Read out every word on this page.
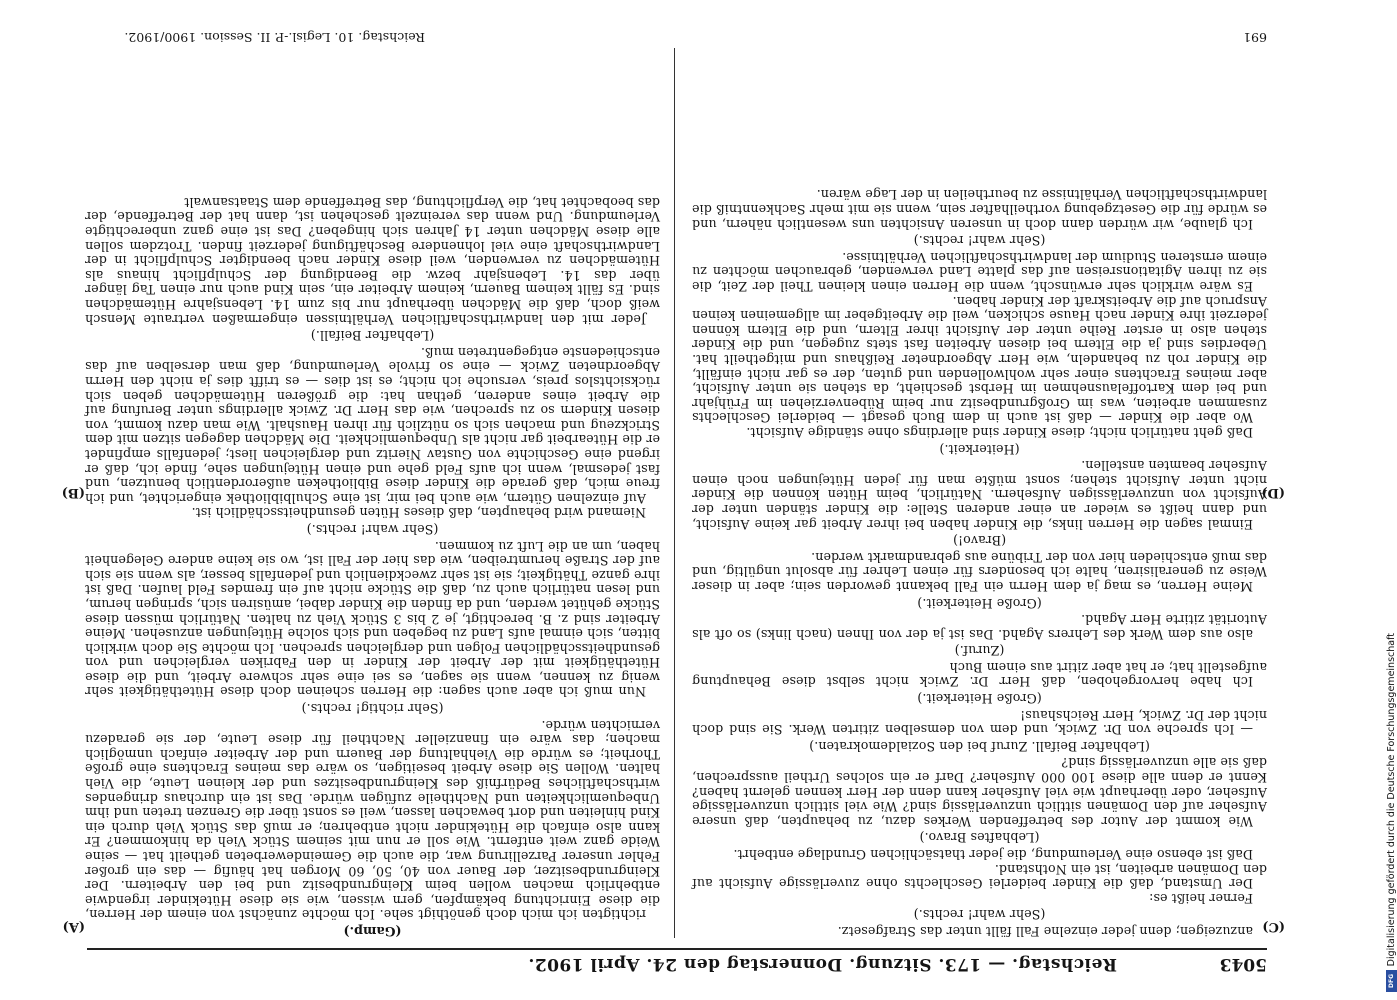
5043
Reichstag. — 173. Sitzung. Donnerstag den 24. April 1902.
(C)
(D)
(A)
(B)

anzuzeigen; denn jeder einzelne Fall fällt unter das Strafgesetz.

(Sehr wahr! rechts.)

Ferner heißt es:

Der Umstand, daß die Kinder beiderlei Geschlechts ohne zuverlässige Aufsicht auf den Domänen arbeiten, ist ein Nothstand.

Daß ist ebenso eine Verleumdung, die jeder thatsächlichen Grundlage entbehrt.

(Lebhaftes Bravo.)

Wie kommt der Autor des betreffenden Werkes dazu, zu behaupten, daß unsere Aufseher auf den Domänen sittlich unzuverlässig sind? Wie viel sittlich unzuverlässige Aufseher, oder überhaupt wie viel Aufseher kann denn der Herr kennen gelernt haben? Kennt er denn alle diese 100 000 Aufseher? Darf er ein solches Urtheil aussprechen, daß sie alle unzuverlässig sind?

(Lebhafter Beifall. Zuruf bei den Sozialdemokraten.)

— Ich spreche von Dr. Zwick, und dem von demselben zitirten Werk. Sie sind doch nicht der Dr. Zwick, Herr Reichshaus!

(Große Heiterkeit.)

Ich habe hervorgehoben, daß Herr Dr. Zwick nicht selbst diese Behauptung aufgestellt hat; er hat aber zitirt aus einem Buch

(Zuruf.)

also aus dem Werk des Lehrers Agahd. Das ist ja der von Ihnen (nach links) so oft als Autorität zitirte Herr Agahd.

(Große Heiterkeit.)

Meine Herren, es mag ja dem Herrn ein Fall bekannt geworden sein; aber in dieser Weise zu generalisiren, halte ich besonders für einen Lehrer für absolut ungültig, und das muß entschieden hier von der Tribüne aus gebrandmarkt werden.

(Bravo!)

Einmal sagen die Herren links, die Kinder haben bei ihrer Arbeit gar keine Aufsicht, und dann heißt es wieder an einer anderen Stelle: die Kinder ständen unter der Aufsicht von unzuverlässigen Aufsehern. Natürlich, beim Hüten können die Kinder nicht unter Aufsicht stehen; sonst müßte man für jeden Hütejungen noch einen Aufseher beamten anstellen.

(Heiterkeit.)

Daß geht natürlich nicht; diese Kinder sind allerdings ohne ständige Aufsicht.

Wo aber die Kinder — daß ist auch in dem Buch gesagt — beiderlei Geschlechts zusammen arbeiten, was im Großgrundbesitz nur beim Rübenverziehen im Frühjahr und bei dem Kartoffelausnehmen im Herbst geschieht, da stehen sie unter Aufsicht, aber meines Erachtens einer sehr wohlwollenden und guten, der es gar nicht einfällt, die Kinder roh zu behandeln, wie Herr Abgeordneter Reißhaus und mitgetheilt hat. Ueberdies sind ja die Eltern bei diesen Arbeiten fast stets zugegen, und die Kinder stehen also in erster Reihe unter der Aufsicht ihrer Eltern, und die Eltern können jederzeit ihre Kinder nach Hause schicken, weil die Arbeitgeber im allgemeinen keinen Anspruch auf die Arbeitskraft der Kinder haben.

Es wäre wirklich sehr erwünscht, wenn die Herren einen kleinen Theil der Zeit, die sie zu ihren Agitationsreisen auf das platte Land verwenden, gebrauchen möchten zu einem ernsteren Studium der landwirthschaftlichen Verhältnisse.

(Sehr wahr! rechts.)

Ich glaube, wir würden dann doch in unseren Ansichten uns wesentlich nähern, und es würde für die Gesetzgebung vortheilhafter sein, wenn sie mit mehr Sachkenntniß die landwirthschaftlichen Verhältnisse zu beurtheilen in der Lage wären.

(Gamp.)

richtigten ich mich doch genöthigt sehe. Ich möchte zunächst von einem der Herren, die diese Einrichtung bekämpfen, gern wissen, wie sie diese Hütekinder irgendwie entbehrlich machen wollen beim Kleingrundbesitz und bei den Arbeitern. Der Kleingrundbesitzer, der Bauer von 40, 50, 60 Morgen hat häufig — das ein großer Fehler unserer Parzellirung war, die auch die Gemeindewerbeten getheilt hat — seine Weide ganz weit entfernt. Wie soll er nun mit seinem Stück Vieh da hinkommen? Er kann also einfach die Hütekinder nicht entbehren; er muß das Stück Vieh durch ein Kind hinleiten und dort bewachen lassen, weil es sonst über die Grenzen treten und ihm Unbequemlichkeiten und Nachtheile zufügen würde. Das ist ein durchaus dringendes wirthschaftliches Bedürfniß des Kleingrundbesitzes und der kleinen Leute, die Vieh halten. Wollen Sie diese Arbeit beseitigen, so wäre das meines Erachtens eine große Thorheit; es würde die Viehhaltung der Bauern und der Arbeiter einfach unmöglich machen; das wäre ein finanzieller Nachtheil für diese Leute, der sie geradezu vernichten würde.

(Sehr richtig! rechts.)

Nun muß ich aber auch sagen: die Herren scheinen doch diese Hütethätigkeit sehr wenig zu kennen, wenn sie sagen, es sei eine sehr schwere Arbeit, und die diese Hütethätigkeit mit der Arbeit der Kinder in den Fabriken vergleichen und von gesundheitsschädlichen Folgen und dergleichen sprechen. Ich möchte Sie doch wirklich bitten, sich einmal aufs Land zu begeben und sich solche Hütejungen anzusehen. Meine Arbeiter sind z. B. berechtigt, je 2 bis 3 Stück Vieh zu halten. Natürlich müssen diese Stücke gehütet werden, und da finden die Kinder dabei, amüsiren sich, springen herum, und lesen natürlich auch zu, daß die Stücke nicht auf ein fremdes Feld laufen. Daß ist ihre ganze Thätigkeit; sie ist sehr zweckdienlich und jedenfalls besser, als wenn sie sich auf der Straße herumtreiben, wie das hier der Fall ist, wo sie keine andere Gelegenheit haben, um an die Luft zu kommen.

(Sehr wahr! rechts.)

Niemand wird behaupten, daß dieses Hüten gesundheitsschädlich ist.

Auf einzelnen Gütern, wie auch bei mir, ist eine Schulbibliothek eingerichtet, und ich freue mich, daß gerade die Kinder diese Bibliotheken außerordentlich benutzen, und fast jedesmal, wenn ich aufs Feld gehe und einen Hütejungen sehe, finde ich, daß er irgend eine Geschichte von Gustav Nieritz und dergleichen liest; jedenfalls empfindet er die Hütearbeit gar nicht als Unbequemlichkeit. Die Mädchen dagegen sitzen mit dem Strickzeug und machen sich so nützlich für ihren Haushalt. Wie man dazu kommt, von diesen Kindern so zu sprechen, wie das Herr Dr. Zwick allerdings unter Berufung auf die Arbeit eines anderen, gethan hat: die größeren Hütemädchen geben sich rücksichtslos preis, versuche ich nicht; es ist dies — es trifft dies ja nicht den Herrn Abgeordneten Zwick — eine so frivole Verleumdung, daß man derselben auf das entschiedenste entgegentreten muß.

(Lebhafter Beifall.)

Jeder mit den landwirthschaftlichen Verhältnissen eingermaßen vertraute Mensch weiß doch, daß die Mädchen überhaupt nur bis zum 14. Lebensjahre Hütemädchen sind. Es fällt keinem Bauern, keinem Arbeiter ein, sein Kind auch nur einen Tag länger über das 14. Lebensjahr bezw. die Beendigung der Schulpflicht hinaus als Hütemädchen zu verwenden, weil diese Kinder nach beendigter Schulpflicht in der Landwirthschaft eine viel lohnendere Beschäftigung jederzeit finden. Trotzdem sollen alle diese Mädchen unter 14 Jahren sich hingeben? Das ist eine ganz unberechtigte Verleumdung. Und wenn das vereinzelt geschehen ist, dann hat der Betreffende, der das beobachtet hat, die Verpflichtung, das Betreffende dem Staatsanwalt

691
Reichstag. 10. Legisl.-P. II. Session. 1900/1902.
Digitalisierung gefördert durch die Deutsche Forschungsgemeinschaft
DFG
